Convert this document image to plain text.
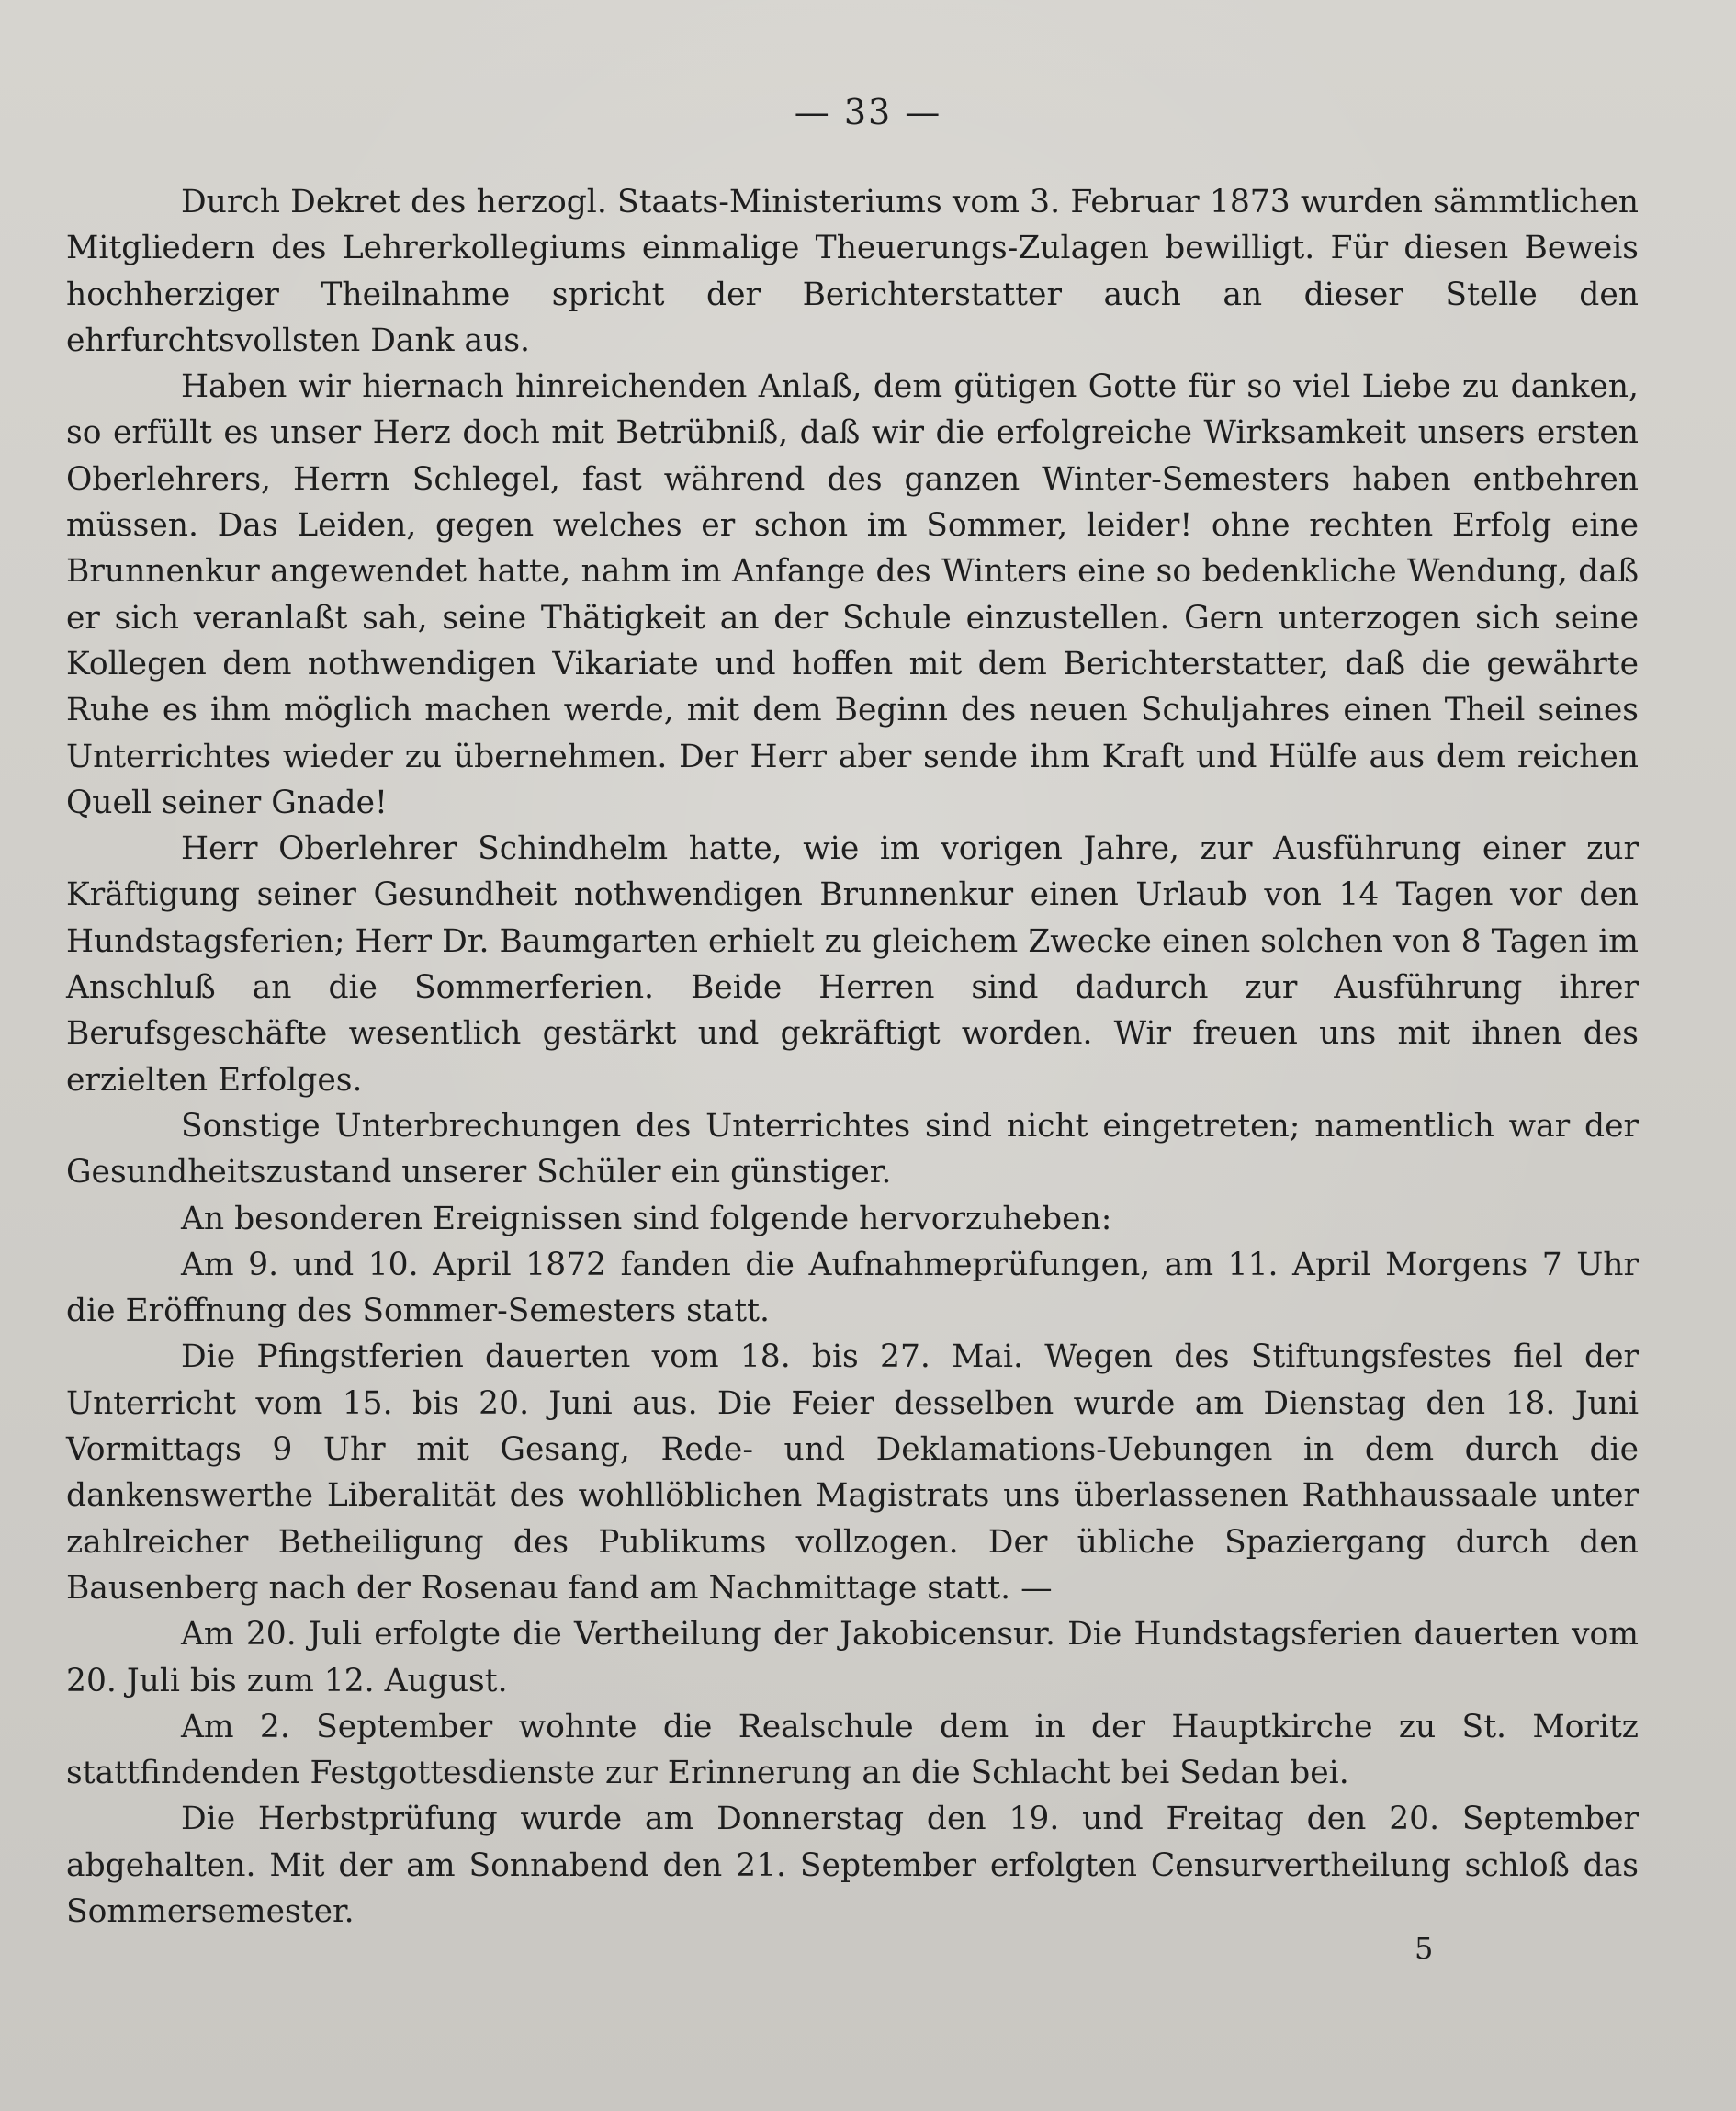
— 33 —

Durch Dekret des herzogl. Staats-Ministeriums vom 3. Februar 1873 wurden sämmtlichen Mitgliedern des Lehrerkollegiums einmalige Theuerungs-Zulagen bewilligt. Für diesen Beweis hochherziger Theilnahme spricht der Berichterstatter auch an dieser Stelle den ehrfurchtsvollsten Dank aus.

Haben wir hiernach hinreichenden Anlaß, dem gütigen Gotte für so viel Liebe zu danken, so erfüllt es unser Herz doch mit Betrübniß, daß wir die erfolgreiche Wirksamkeit unsers ersten Oberlehrers, Herrn Schlegel, fast während des ganzen Winter-Semesters haben entbehren müssen. Das Leiden, gegen welches er schon im Sommer, leider! ohne rechten Erfolg eine Brunnenkur angewendet hatte, nahm im Anfange des Winters eine so bedenkliche Wendung, daß er sich veranlaßt sah, seine Thätigkeit an der Schule einzustellen. Gern unterzogen sich seine Kollegen dem nothwendigen Vikariate und hoffen mit dem Berichterstatter, daß die gewährte Ruhe es ihm möglich machen werde, mit dem Beginn des neuen Schuljahres einen Theil seines Unterrichtes wieder zu übernehmen. Der Herr aber sende ihm Kraft und Hülfe aus dem reichen Quell seiner Gnade!

Herr Oberlehrer Schindhelm hatte, wie im vorigen Jahre, zur Ausführung einer zur Kräftigung seiner Gesundheit nothwendigen Brunnenkur einen Urlaub von 14 Tagen vor den Hundstagsferien; Herr Dr. Baumgarten erhielt zu gleichem Zwecke einen solchen von 8 Tagen im Anschluß an die Sommerferien. Beide Herren sind dadurch zur Ausführung ihrer Berufsgeschäfte wesentlich gestärkt und gekräftigt worden. Wir freuen uns mit ihnen des erzielten Erfolges.

Sonstige Unterbrechungen des Unterrichtes sind nicht eingetreten; namentlich war der Gesundheitszustand unserer Schüler ein günstiger.

An besonderen Ereignissen sind folgende hervorzuheben:

Am 9. und 10. April 1872 fanden die Aufnahmeprüfungen, am 11. April Morgens 7 Uhr die Eröffnung des Sommer-Semesters statt.

Die Pfingstferien dauerten vom 18. bis 27. Mai. Wegen des Stiftungsfestes fiel der Unterricht vom 15. bis 20. Juni aus. Die Feier desselben wurde am Dienstag den 18. Juni Vormittags 9 Uhr mit Gesang, Rede- und Deklamations-Uebungen in dem durch die dankenswerthe Liberalität des wohllöblichen Magistrats uns überlassenen Rathhaussaale unter zahlreicher Betheiligung des Publikums vollzogen. Der übliche Spaziergang durch den Bausenberg nach der Rosenau fand am Nachmittage statt. —

Am 20. Juli erfolgte die Vertheilung der Jakobicensur. Die Hundstagsferien dauerten vom 20. Juli bis zum 12. August.

Am 2. September wohnte die Realschule dem in der Hauptkirche zu St. Moritz stattfindenden Festgottesdienste zur Erinnerung an die Schlacht bei Sedan bei.

Die Herbstprüfung wurde am Donnerstag den 19. und Freitag den 20. September abgehalten. Mit der am Sonnabend den 21. September erfolgten Censurvertheilung schloß das Sommersemester.

5
